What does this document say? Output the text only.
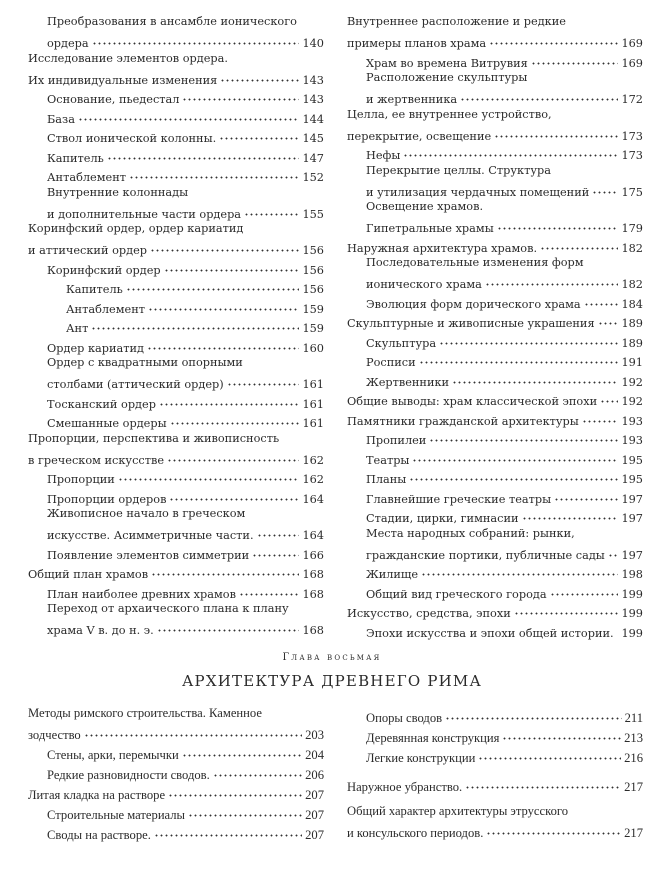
Преобразования в ансамбле ионического
ордера	140
Исследование элементов ордера.
Их индивидуальные изменения	143
Основание, пьедестал	143
База	144
Ствол ионической колонны.	145
Капитель	147
Антаблемент	152
Внутренние колоннады
и дополнительные части ордера	155
Коринфский ордер, ордер кариатид
и аттический ордер	156
Коринфский ордер	156
Капитель	156
Антаблемент	159
Ант	159
Ордер кариатид	160
Ордер с квадратными опорными
столбами (аттический ордер)	161
Тосканский ордер	161
Смешанные ордеры	161
Пропорции, перспектива и живописность
в греческом искусстве	162
Пропорции	162
Пропорции ордеров	164
Живописное начало в греческом
искусстве. Асимметричные части.	164
Появление элементов симметрии	166
Общий план храмов	168
План наиболее древних храмов	168
Переход от архаического плана к плану
храма V в. до н. э.	168
Внутреннее расположение и редкие
примеры планов храма	169
Храм во времена Витрувия	169
Расположение скульптуры
и жертвенника	172
Целла, ее внутреннее устройство,
перекрытие, освещение	173
Нефы	173
Перекрытие целлы. Структура
и утилизация чердачных помещений	175
Освещение храмов.
Гипетральные храмы	179
Наружная архитектура храмов.	182
Последовательные изменения форм
ионического храма	182
Эволюция форм дорического храма	184
Скульптурные и живописные украшения 189
Скульптура	189
Росписи	191
Жертвенники	192
Общие выводы: храм классической эпохи 192
Памятники гражданской архитектуры	193
Пропилеи	193
Театры	195
Планы	195
Главнейшие греческие театры	197
Стадии, цирки, гимнасии	197
Места народных собраний: рынки,
гражданские портики, публичные сады 197
Жилище	198
Общий вид греческого города	199
Искусство, средства, эпохи	199
Эпохи искусства и эпохи общей истории. 199
Глава восьмая
АРХИТЕКТУРА ДРЕВНЕГО РИМА
Методы римского строительства. Каменное
зодчество	203
Стены, арки, перемычки	204
Редкие разновидности сводов.	206
Литая кладка на растворе	207
Строительные материалы	207
Своды на растворе.	207
Опоры сводов	211
Деревянная конструкция	213
Легкие конструкции	216
Наружное убранство.	217
Общий характер архитектуры этрусского
и консульского периодов.	217
